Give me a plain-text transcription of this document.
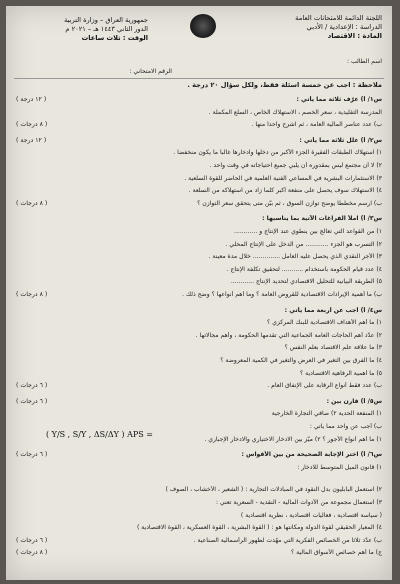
اللجنة الدائمة للامتحانات العامة
الدراسة : الإعدادية / الأدبي
المادة : الاقتصاد
جمهورية العراق – وزارة التربية
الدور الثاني ١٤٤٣ هـ – ٢٠٢١ م
الوقت : ثلاث ساعات
اسم الطالب :
الرقم الامتحاني :
ملاحظة : أجب عن خمسة أسئلة فقط، ولكل سؤال ٢٠ درجة .
( Y/S , S/Y , ΔS/ΔY ) APS =
س١/ أ) عرّف ثلاثة مما يأتي :
( ١٢ درجة )
المدرسة التقليدية ، سعر الخصم ، الاستهلاك الخاص ، السلع المكملة .
ب) عدد عناصر المالية العامة ، ثم اشرح واحداً منها .
( ٨ درجات )
س٢/ أ) علل ثلاثة مما يأتي :
( ١٢ درجة )
١) استهلاك الطبقات الفقيرة الجزء الأكبر من دخلها وادخارها غالباً ما يكون منخفضاً .
٢) لا أن مجتمع ليس بمقدوره أن يلبي جميع احتياجاته في وقت واحد .
٣) الاستثمارات البشرية في المساعي الفنية العلمية في الحاضر للقوة السلعية .
٤) الاستهلاك سوف يحصل على منفعة أكبر كلما زاد من استهلاكه من السلعة .
ب) ارسم مخططاً يوضح توازن السوق ، ثم بيّن متى يتحقق سعر التوازن ؟
( ٨ درجات )
س٣/ أ) املأ الفراغات الآتية بما يناسبها :
١) من القواعد التي تعالج بين ينطوي عند الإنتاج و ............
٢) التسرب هو الجزء ............ من الدخل على الإنتاج المحلي .
٣) الأجر النقدي الذي يحصل عليه العامل .............. خلال مدة معينة .
٤) عدد قيام الحكومة باستخدام ........... لتحقيق تكلفة الإنتاج .
٥) الطريقة البيانية للتحليل الاقتصادي لتحديد الإنتاج ............
ب) ما أهمية الإيرادات الاقتصادية للقروض العامة ؟ وما أهم أنواعها ؟ وضح ذلك .
( ٨ درجات )
س٤/ أ) أجب عن أربعة مما يأتي :
١) ما أهم الأهداف الاقتصادية للبنك المركزي ؟
٢) عدّد أهم الحاجات العامة الجماعية التي تقدمها الحكومة ، وأهم مجالاتها .
٣) ما علاقة علم الاقتصاد بعلم النفس ؟
٤) ما الفرق بين التغير في العرض والتغير في الكمية المعروضة ؟
٥) ما أهمية الرفاهية الاقتصادية ؟
ب) عدد فقط أنواع الرقابة على الإنفاق العام .
( ٦ درجات )
س٥/ أ) قارن بين :
( ٦ درجات )
١) المنفعة الحدية ٢) صافي التجارة الخارجية
ب) أجب عن واحد مما يأتي :
١) ما أهم أنواع الأجور ؟ ٢) ميّز بين الادخار الاختياري والادخار الإجباري .
س٦/ أ) اختر الإجابة الصحيحة من بين الأقواس :
( ٦ درجات )
١) قانون الميل المتوسط للادخار :
٢) استعمل البابليون بدل النقود في المبادلات التجارية : ( الشعير ، الأخشاب ، الصوف )
٣) استعمال مجموعة من الأدوات المالية - النقدية - السعرية تعني :
( سياسة اقتصادية ، فعاليات اقتصادية ، نظرية اقتصادية )
٤) المعيار الحقيقي لقوة الدولة ومكانتها هو : ( القوة البشرية ، القوة العسكرية ، القوة الاقتصادية )
ب) عدّد ثلاثاً من الخصائص الفكرية التي مهّدت لظهور الرأسمالية الصناعية .
( ٦ درجات )
ج) ما أهم خصائص الأسواق المالية ؟
( ٨ درجات )
